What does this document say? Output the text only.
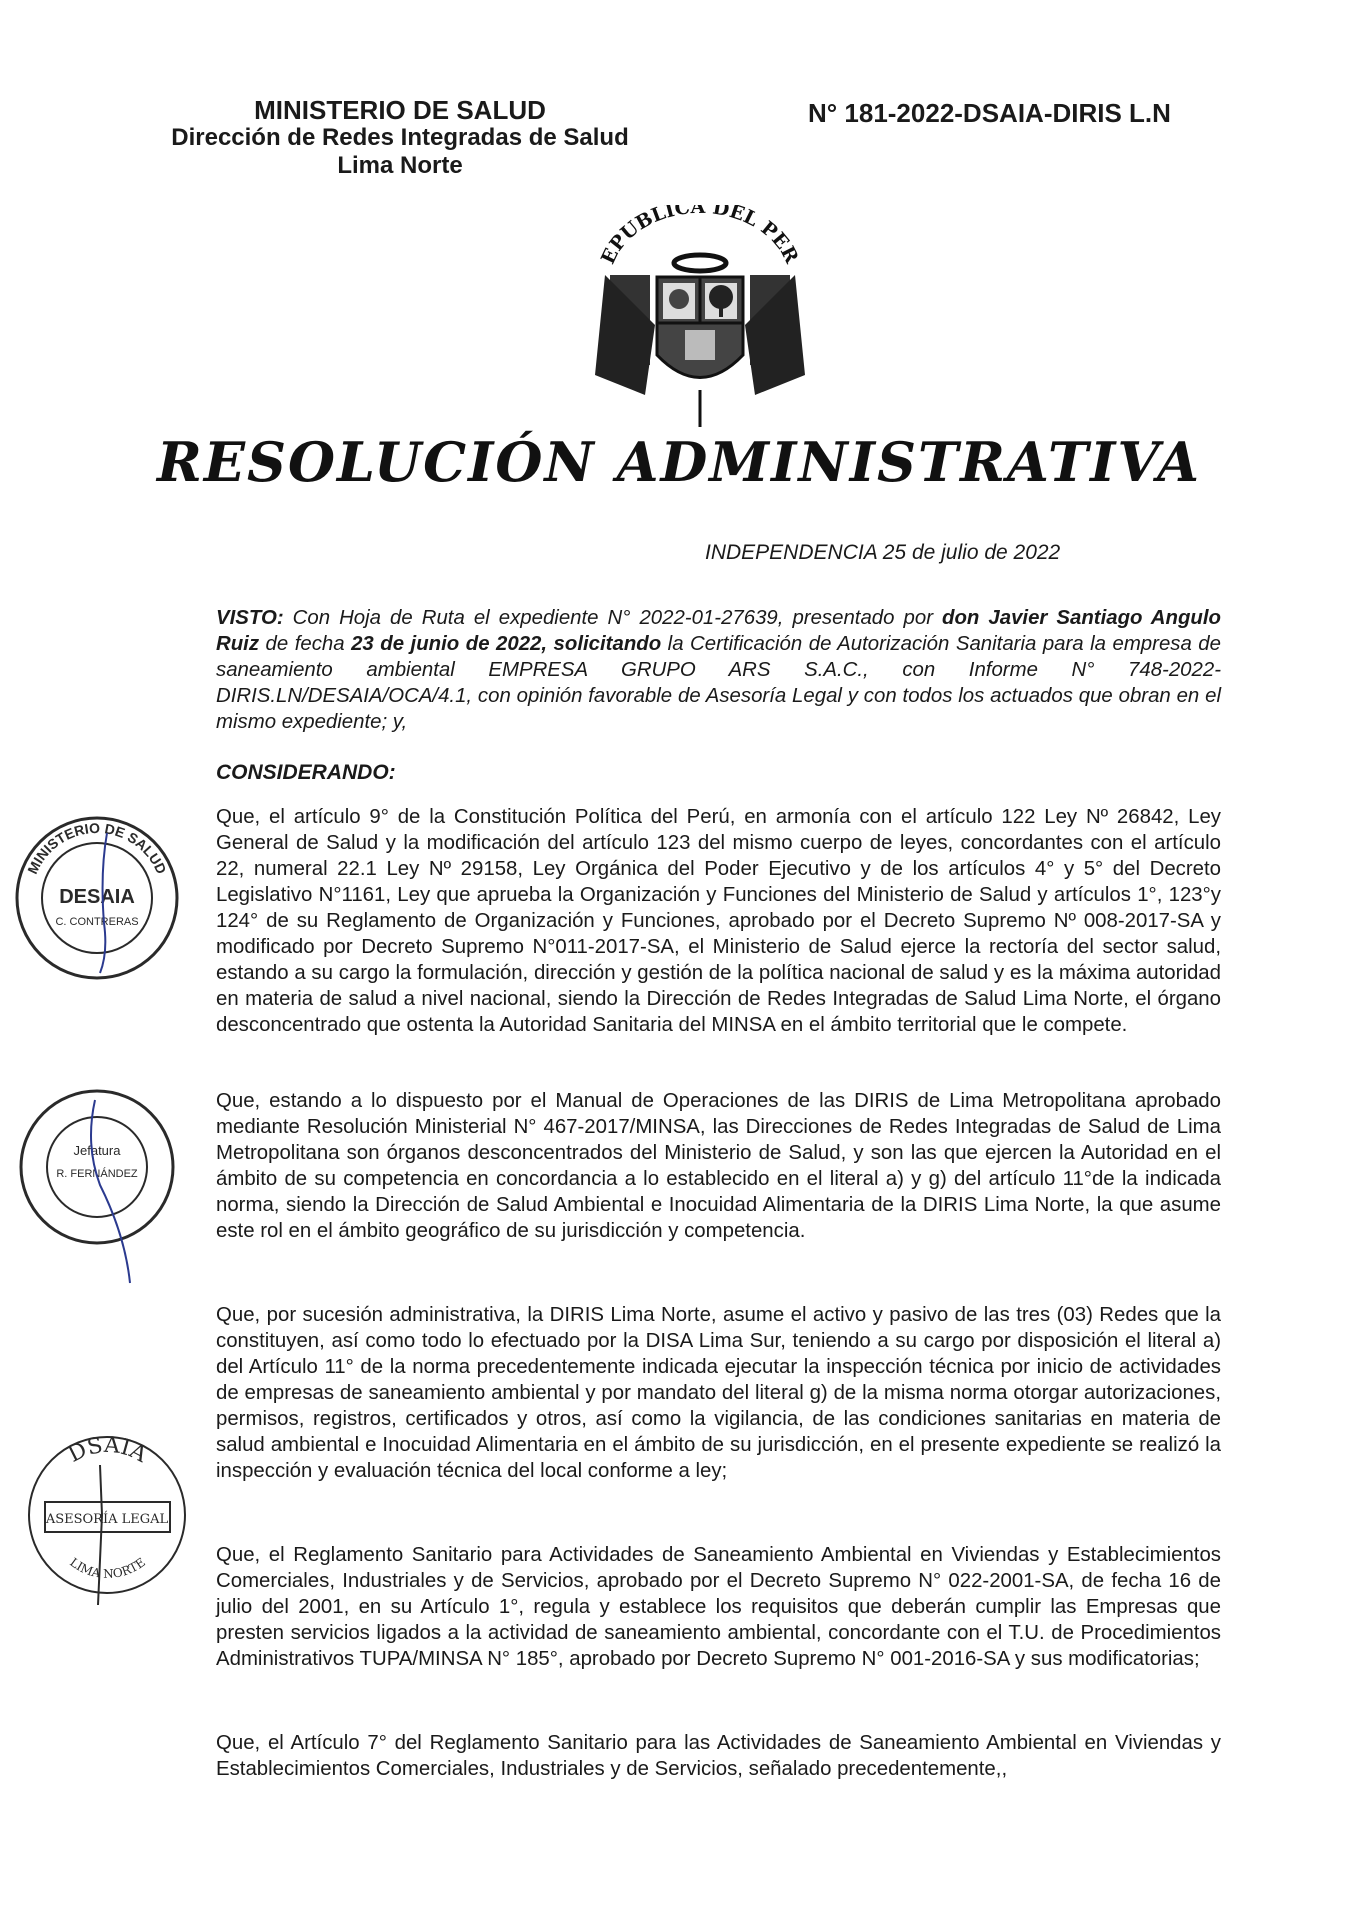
MINISTERIO DE SALUD
Dirección de Redes Integradas de Salud
Lima Norte
N° 181-2022-DSAIA-DIRIS L.N
EPUBLICA DEL PER
RESOLUCIÓN ADMINISTRATIVA
INDEPENDENCIA 25 de julio de 2022
VISTO: Con Hoja de Ruta el expediente N° 2022-01-27639, presentado por don Javier Santiago Angulo Ruiz de fecha 23 de junio de 2022, solicitando la Certificación de Autorización Sanitaria para la empresa de saneamiento ambiental EMPRESA GRUPO ARS S.A.C., con Informe N° 748-2022-DIRIS.LN/DESAIA/OCA/4.1, con opinión favorable de Asesoría Legal y con todos los actuados que obran en el mismo expediente; y,
CONSIDERANDO:
Que, el artículo 9° de la Constitución Política del Perú, en armonía con el artículo 122 Ley Nº 26842, Ley General de Salud y la modificación del artículo 123 del mismo cuerpo de leyes, concordantes con el artículo 22, numeral 22.1 Ley Nº 29158, Ley Orgánica del Poder Ejecutivo y de los artículos 4° y 5° del Decreto Legislativo N°1161, Ley que aprueba la Organización y Funciones del Ministerio de Salud y artículos 1°, 123°y 124° de su Reglamento de Organización y Funciones, aprobado por el Decreto Supremo Nº 008-2017-SA y modificado por Decreto Supremo N°011-2017-SA, el Ministerio de Salud ejerce la rectoría del sector salud, estando a su cargo la formulación, dirección y gestión de la política nacional de salud y es la máxima autoridad en materia de salud a nivel nacional, siendo la Dirección de Redes Integradas de Salud Lima Norte, el órgano desconcentrado que ostenta la Autoridad Sanitaria del MINSA en el ámbito territorial que le compete.
Que, estando a lo dispuesto por el Manual de Operaciones de las DIRIS de Lima Metropolitana aprobado mediante Resolución Ministerial N° 467-2017/MINSA, las Direcciones de Redes Integradas de Salud de Lima Metropolitana son órganos desconcentrados del Ministerio de Salud, y son las que ejercen la Autoridad en el ámbito de su competencia en concordancia a lo establecido en el literal a) y g) del artículo 11°de la indicada norma, siendo la Dirección de Salud Ambiental e Inocuidad Alimentaria de la DIRIS Lima Norte, la que asume este rol en el ámbito geográfico de su jurisdicción y competencia.
Que, por sucesión administrativa, la DIRIS Lima Norte, asume el activo y pasivo de las tres (03) Redes que la constituyen, así como todo lo efectuado por la DISA Lima Sur, teniendo a su cargo por disposición el literal a) del Artículo 11° de la norma precedentemente indicada ejecutar la inspección técnica por inicio de actividades de empresas de saneamiento ambiental y por mandato del literal g) de la misma norma otorgar autorizaciones, permisos, registros, certificados y otros, así como la vigilancia, de las condiciones sanitarias en materia de salud ambiental e Inocuidad Alimentaria en el ámbito de su jurisdicción, en el presente expediente se realizó la inspección y evaluación técnica del local conforme a ley;
Que, el Reglamento Sanitario para Actividades de Saneamiento Ambiental en Viviendas y Establecimientos Comerciales, Industriales y de Servicios, aprobado por el Decreto Supremo N° 022-2001-SA, de fecha 16 de julio del 2001, en su Artículo 1°, regula y establece los requisitos que deberán cumplir las Empresas que presten servicios ligados a la actividad de saneamiento ambiental, concordante con el T.U. de Procedimientos Administrativos TUPA/MINSA N° 185°, aprobado por Decreto Supremo N° 001-2016-SA y sus modificatorias;
Que, el Artículo 7° del Reglamento Sanitario para las Actividades de Saneamiento Ambiental en Viviendas y Establecimientos Comerciales, Industriales y de Servicios, señalado precedentemente,,
MINISTERIO DE SALUD
DESAIA
C. CONTRERAS
Jefatura
R. FERNÁNDEZ
DSAIA
ASESORÍA LEGAL
LIMA NORTE
